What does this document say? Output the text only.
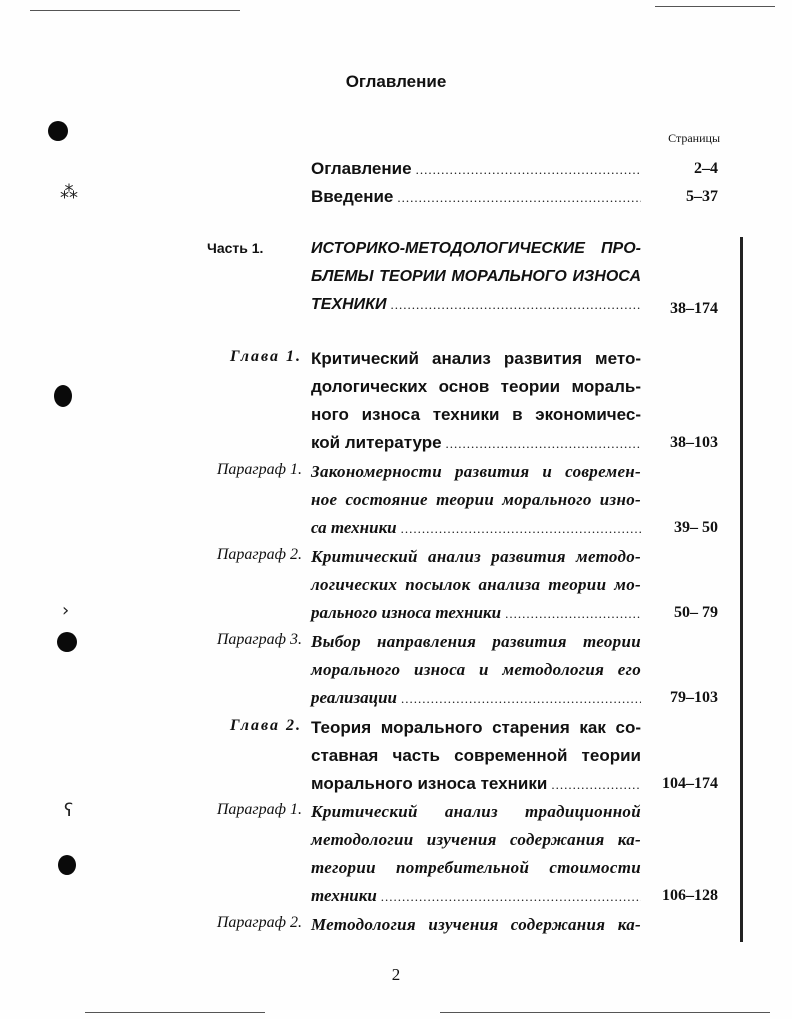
⁂
›
ʕ
Оглавление
Страницы
Оглавление .....	2–4
Введение .....	5–37
Часть 1.	ИСТОРИКО-МЕТОДОЛОГИЧЕСКИЕ ПРО-
БЛЕМЫ ТЕОРИИ МОРАЛЬНОГО ИЗНОСА
ТЕХНИКИ .....	38–174
Глава 1. Критический анализ развития мето-
дологических основ теории мораль-
ного износа техники в экономичес-
кой литературе .....	38–103
Параграф 1. Закономерности развития и современ-
ное состояние теории морального изно-
са техники .....	39– 50
Параграф 2. Критический анализ развития методо-
логических посылок анализа теории мо-
рального износа техники .....	50– 79
Параграф 3. Выбор направления развития теории
морального износа и методология его
реализации .....	79–103
Глава 2. Теория морального старения как со-
ставная часть современной теории
морального износа техники .....	104–174
Параграф 1. Критический анализ традиционной
методологии изучения содержания ка-
тегории потребительной стоимости
техники .....	106–128
Параграф 2. Методология изучения содержания ка-
2
